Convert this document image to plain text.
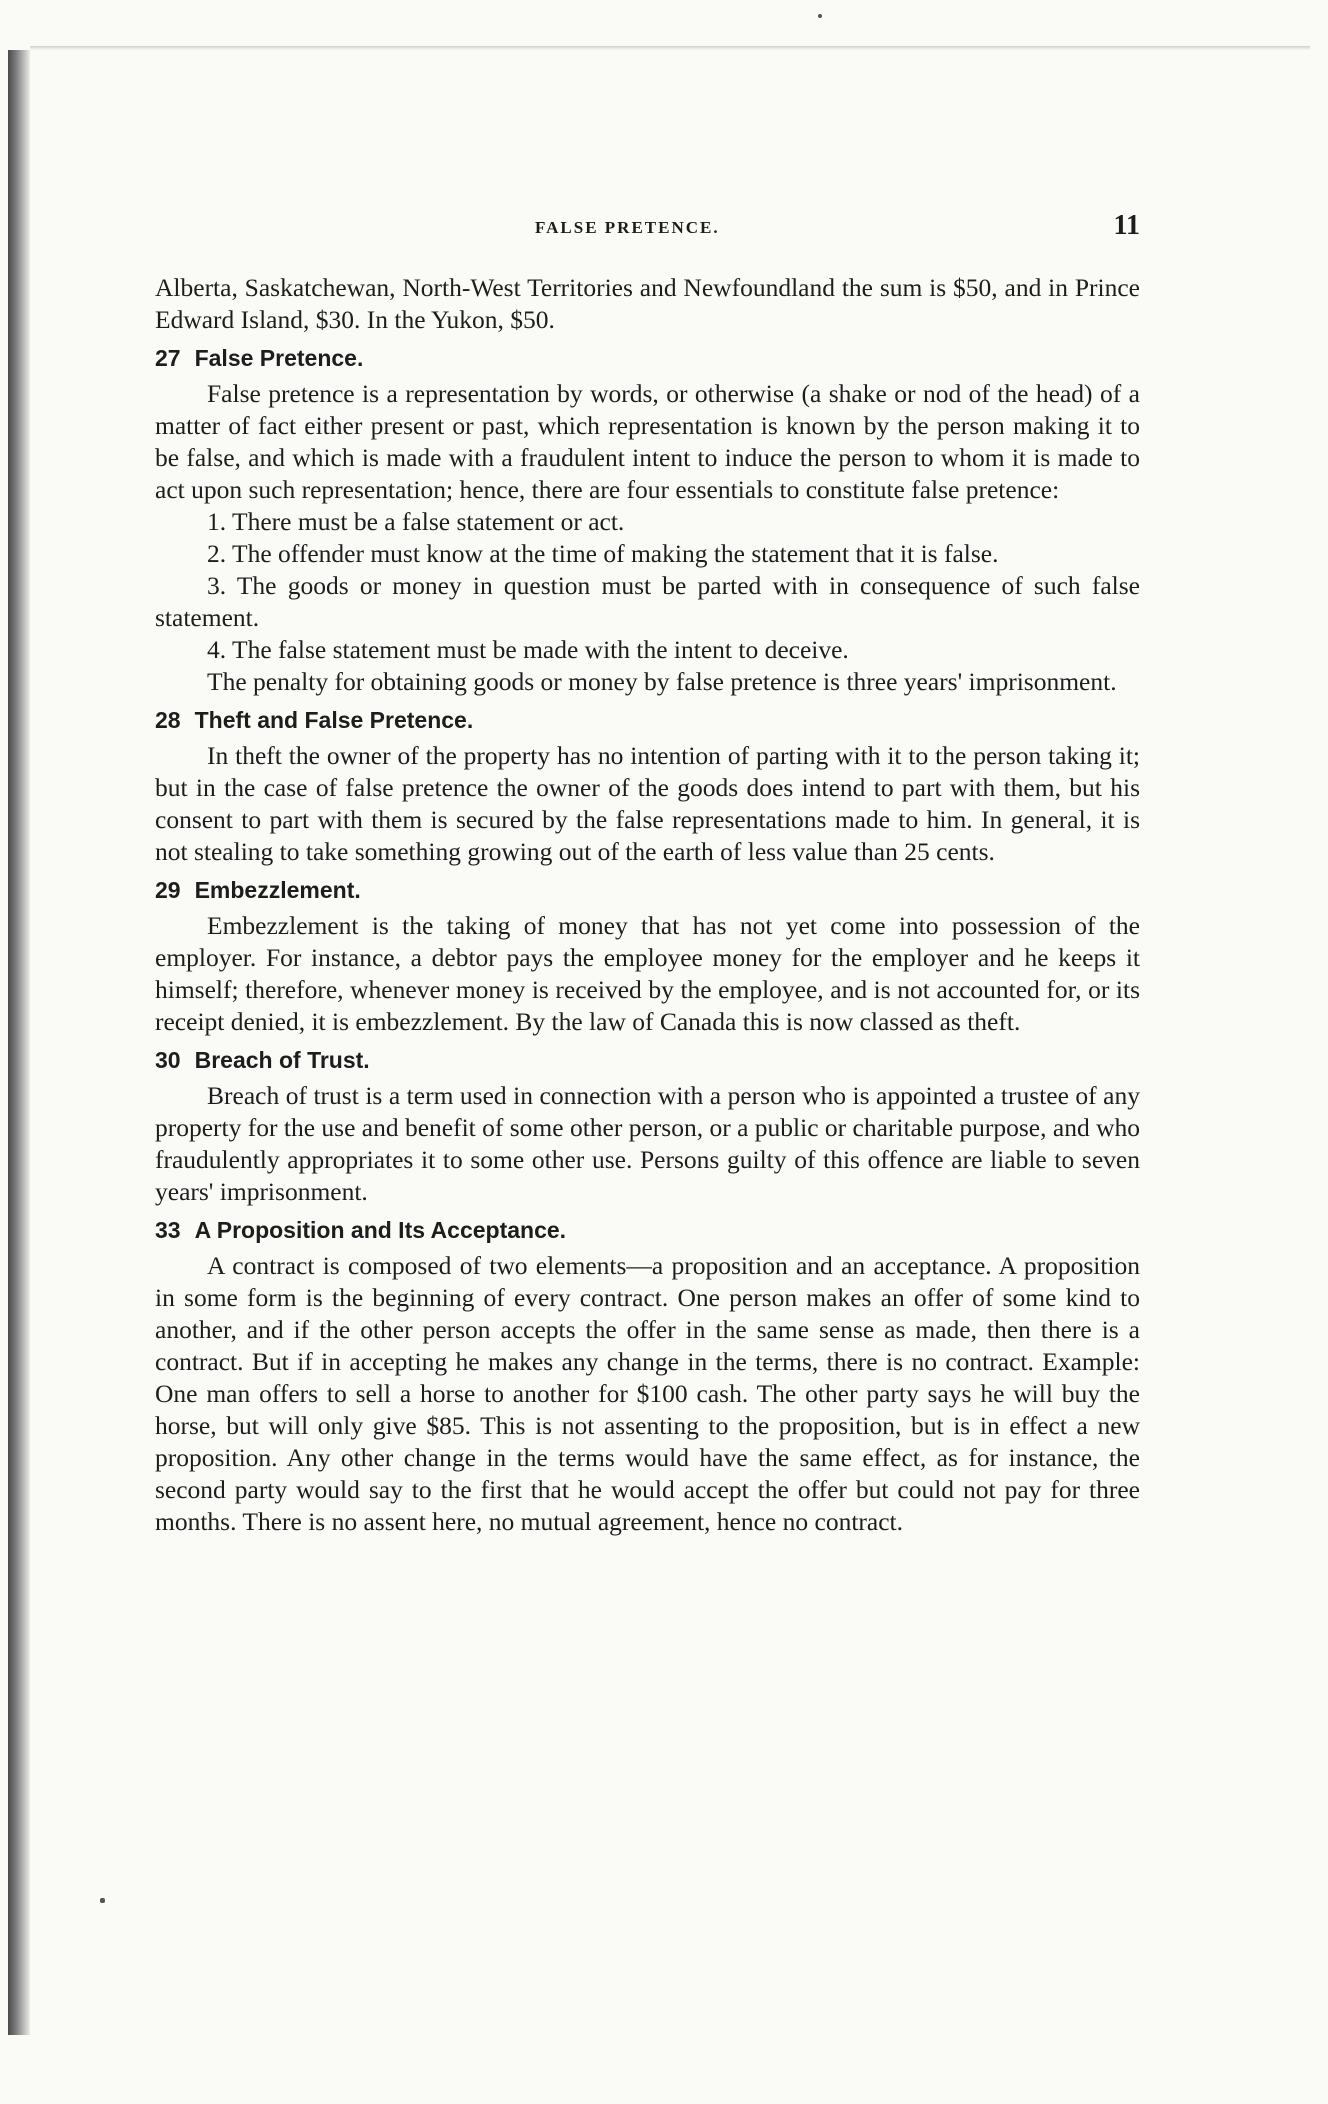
FALSE PRETENCE.	11

Alberta, Saskatchewan, North-West Territories and Newfoundland the sum is $50, and in Prince Edward Island, $30. In the Yukon, $50.

27 False Pretence.

False pretence is a representation by words, or otherwise (a shake or nod of the head) of a matter of fact either present or past, which representation is known by the person making it to be false, and which is made with a fraudulent intent to induce the person to whom it is made to act upon such representation; hence, there are four essentials to constitute false pretence:

1. There must be a false statement or act.

2. The offender must know at the time of making the statement that it is false.

3. The goods or money in question must be parted with in consequence of such false statement.

4. The false statement must be made with the intent to deceive.

The penalty for obtaining goods or money by false pretence is three years' imprisonment.

28 Theft and False Pretence.

In theft the owner of the property has no intention of parting with it to the person taking it; but in the case of false pretence the owner of the goods does intend to part with them, but his consent to part with them is secured by the false representations made to him. In general, it is not stealing to take something growing out of the earth of less value than 25 cents.

29 Embezzlement.

Embezzlement is the taking of money that has not yet come into possession of the employer. For instance, a debtor pays the employee money for the employer and he keeps it himself; therefore, whenever money is received by the employee, and is not accounted for, or its receipt denied, it is embezzlement. By the law of Canada this is now classed as theft.

30 Breach of Trust.

Breach of trust is a term used in connection with a person who is appointed a trustee of any property for the use and benefit of some other person, or a public or charitable purpose, and who fraudulently appropriates it to some other use. Persons guilty of this offence are liable to seven years' imprisonment.

33 A Proposition and Its Acceptance.

A contract is composed of two elements—a proposition and an acceptance. A proposition in some form is the beginning of every contract. One person makes an offer of some kind to another, and if the other person accepts the offer in the same sense as made, then there is a contract. But if in accepting he makes any change in the terms, there is no contract. Example: One man offers to sell a horse to another for $100 cash. The other party says he will buy the horse, but will only give $85. This is not assenting to the proposition, but is in effect a new proposition. Any other change in the terms would have the same effect, as for instance, the second party would say to the first that he would accept the offer but could not pay for three months. There is no assent here, no mutual agreement, hence no contract.
